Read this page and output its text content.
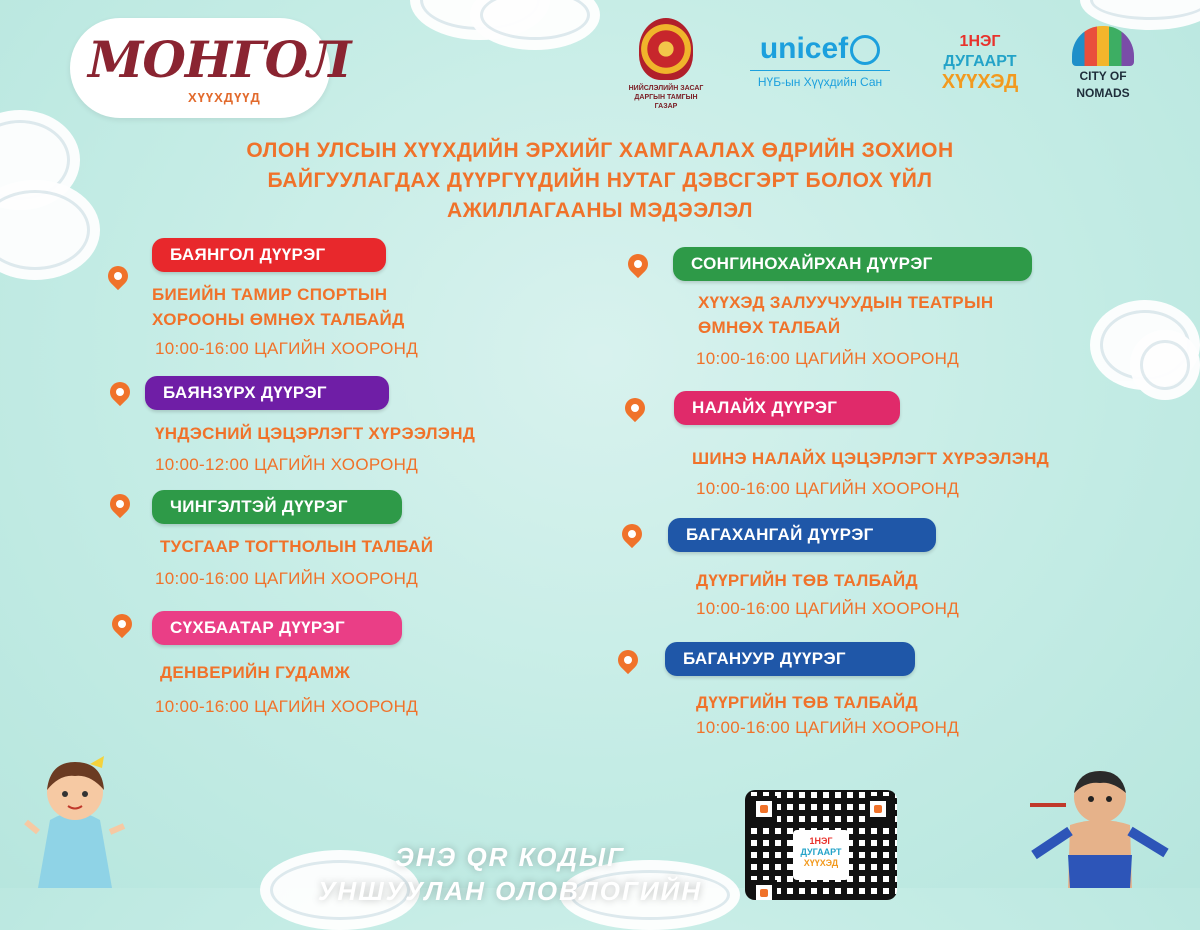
МОНГОЛ
ХҮҮХДҮҮД
НИЙСЛЭЛИЙН ЗАСАГ ДАРГЫН ТАМГЫН ГАЗАР
unicef
НҮБ-ын Хүүхдийн Сан
1НЭГ
ДУГААРТ
ХҮҮХЭД	CITY OF
NOMADS
ОЛОН УЛСЫН ХҮҮХДИЙН ЭРХИЙГ ХАМГААЛАХ ӨДРИЙН ЗОХИОН
БАЙГУУЛАГДАХ ДҮҮРГҮҮДИЙН НУТАГ ДЭВСГЭРТ БОЛОХ ҮЙЛ
АЖИЛЛАГААНЫ МЭДЭЭЛЭЛ
БАЯНГОЛ ДҮҮРЭГ
БИЕИЙН ТАМИР СПОРТЫН
ХОРООНЫ ӨМНӨХ ТАЛБАЙД
10:00-16:00 ЦАГИЙН ХООРОНД
БАЯНЗҮРХ ДҮҮРЭГ
ҮНДЭСНИЙ ЦЭЦЭРЛЭГТ ХҮРЭЭЛЭНД
10:00-12:00 ЦАГИЙН ХООРОНД
ЧИНГЭЛТЭЙ ДҮҮРЭГ
ТУСГААР ТОГТНОЛЫН ТАЛБАЙ
10:00-16:00 ЦАГИЙН ХООРОНД
СҮХБААТАР ДҮҮРЭГ
ДЕНВЕРИЙН ГУДАМЖ
10:00-16:00 ЦАГИЙН ХООРОНД
СОНГИНОХАЙРХАН ДҮҮРЭГ
ХҮҮХЭД ЗАЛУУЧУУДЫН ТЕАТРЫН
ӨМНӨХ ТАЛБАЙ
10:00-16:00 ЦАГИЙН ХООРОНД
НАЛАЙХ ДҮҮРЭГ
ШИНЭ НАЛАЙХ ЦЭЦЭРЛЭГТ ХҮРЭЭЛЭНД
10:00-16:00 ЦАГИЙН ХООРОНД
БАГАХАНГАЙ ДҮҮРЭГ
ДҮҮРГИЙН ТӨВ ТАЛБАЙД
10:00-16:00 ЦАГИЙН ХООРОНД
БАГАНУУР ДҮҮРЭГ
ДҮҮРГИЙН ТӨВ ТАЛБАЙД
10:00-16:00 ЦАГИЙН ХООРОНД
ЭНЭ QR КОДЫГ
УНШУУЛАН ОЛОВЛОГИЙН
1НЭГ
ДУГААРТ
ХҮҮХЭД
